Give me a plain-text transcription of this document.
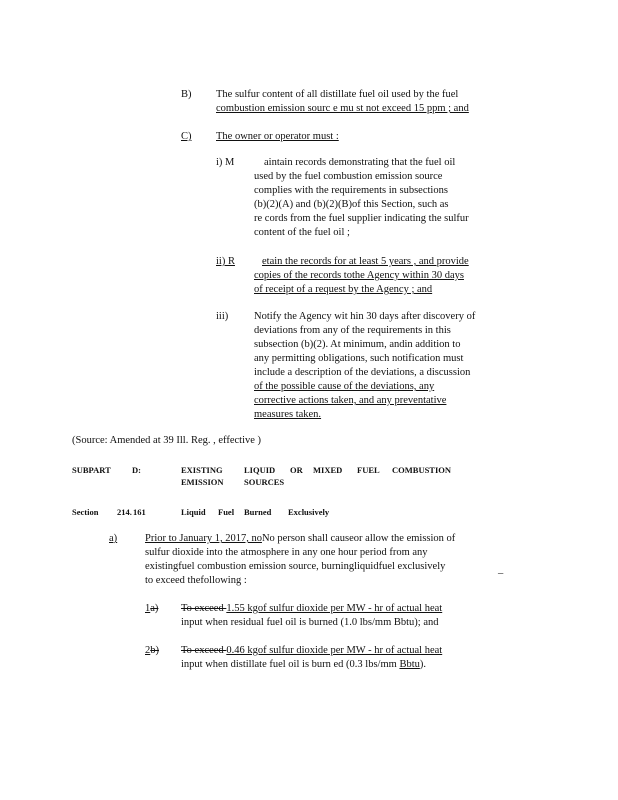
B) The sulfur content of all distillate fuel oil used by the fuel
combustion emission sourc e mu st not exceed 15 ppm ; and
C) The owner or operator must :
i) M	aintain records demonstrating that the fuel oil
used by the fuel combustion emission source
complies with the requirements in subsections
(b)(2)(A) and (b)(2)(B)of this Section, such as
re cords from the fuel supplier indicating the sulfur
content of the fuel oil ;
ii) R	etain the records for at least 5 years , and provide
copies of the records tothe Agency within 30 days
of receipt of a request by the Agency ; and
iii) Notify the Agency wit hin 30 days after discovery of
deviations from any of the requirements in this
subsection (b)(2). At minimum, andin addition to
any permitting obligations, such notification must
include a description of the deviations, a discussion
of the possible cause of the deviations, any
corrective actions taken, and any preventative
measures taken.
(Source: Amended at 39 Ill. Reg. , effective )
SUBPART	D:	EXISTING
EMISSION
LIQUID
SOURCES
OR MIXED FUEL COMBUSTION
Section 214. 161	Liquid Fuel Burned Exclusively
a)	Prior to January 1, 2017, noNo person shall causeor allow the emission of
sulfur dioxide into the atmosphere in any one hour period from any
existingfuel combustion emission source, burningliquidfuel exclusively
to exceed thefollowing :
_
1a) To exceed 1.55 kgof sulfur dioxide per MW - hr of actual heat
input when residual fuel oil is burned (1.0 lbs/mm Bbtu); and
2b) To exceed 0.46 kgof sulfur dioxide per MW - hr of actual heat
input when distillate fuel oil is burn ed (0.3 lbs/mm Bbtu).
